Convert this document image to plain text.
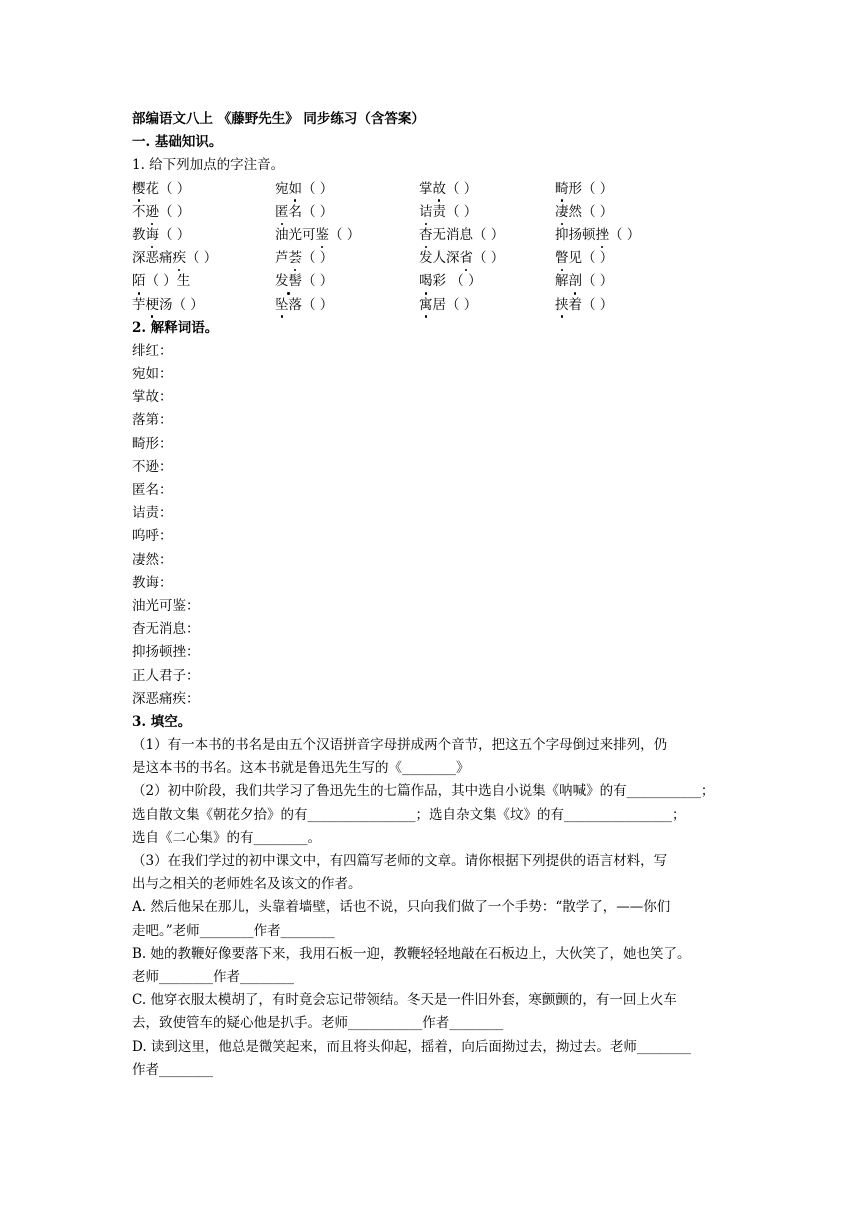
部编语文八上 《藤野先生》 同步练习（含答案）
一. 基础知识。
1. 给下列加点的字注音。
樱花（ ）	宛如（ ）	掌故（ ）	畸形（ ）
不逊（ ）	匿名（ ）	诘责（ ）	凄然（ ）
教诲（ ）	油光可鉴（ ）	杳无消息（ ）	抑扬顿挫（ ）
深恶痛疾（ ）	芦荟（ ）	发人深省（ ）	瞥见（ ）
陌（ ）生	发髻（ ）	喝彩 （ ）	解剖（ ）
芋梗汤（ ）	坠落（ ）	寓居（ ）	挟着（ ）
2. 解释词语。
绯红：
宛如：
掌故：
落第：
畸形：
不逊：
匿名：
诘责：
呜呼：
凄然：
教诲：
油光可鉴：
杳无消息：
抑扬顿挫：
正人君子：
深恶痛疾：
3. 填空。
（1）有一本书的书名是由五个汉语拼音字母拼成两个音节，把这五个字母倒过来排列，仍
是这本书的书名。这本书就是鲁迅先生写的《________》
（2）初中阶段，我们共学习了鲁迅先生的七篇作品，其中选自小说集《呐喊》的有___________；
选自散文集《朝花夕拾》的有________________；选自杂文集《坟》的有________________；
选自《二心集》的有________。
（3）在我们学过的初中课文中，有四篇写老师的文章。请你根据下列提供的语言材料，写
出与之相关的老师姓名及该文的作者。
A. 然后他呆在那儿，头靠着墙壁，话也不说，只向我们做了一个手势：“散学了，——你们
走吧。”老师________作者________
B. 她的教鞭好像要落下来，我用石板一迎，教鞭轻轻地敲在石板边上，大伙笑了，她也笑了。
老师________作者________
C. 他穿衣服太模胡了，有时竟会忘记带领结。冬天是一件旧外套，寒颤颤的，有一回上火车
去，致使管车的疑心他是扒手。老师___________作者________
D. 读到这里，他总是微笑起来，而且将头仰起，摇着，向后面拗过去，拗过去。老师________
作者________
